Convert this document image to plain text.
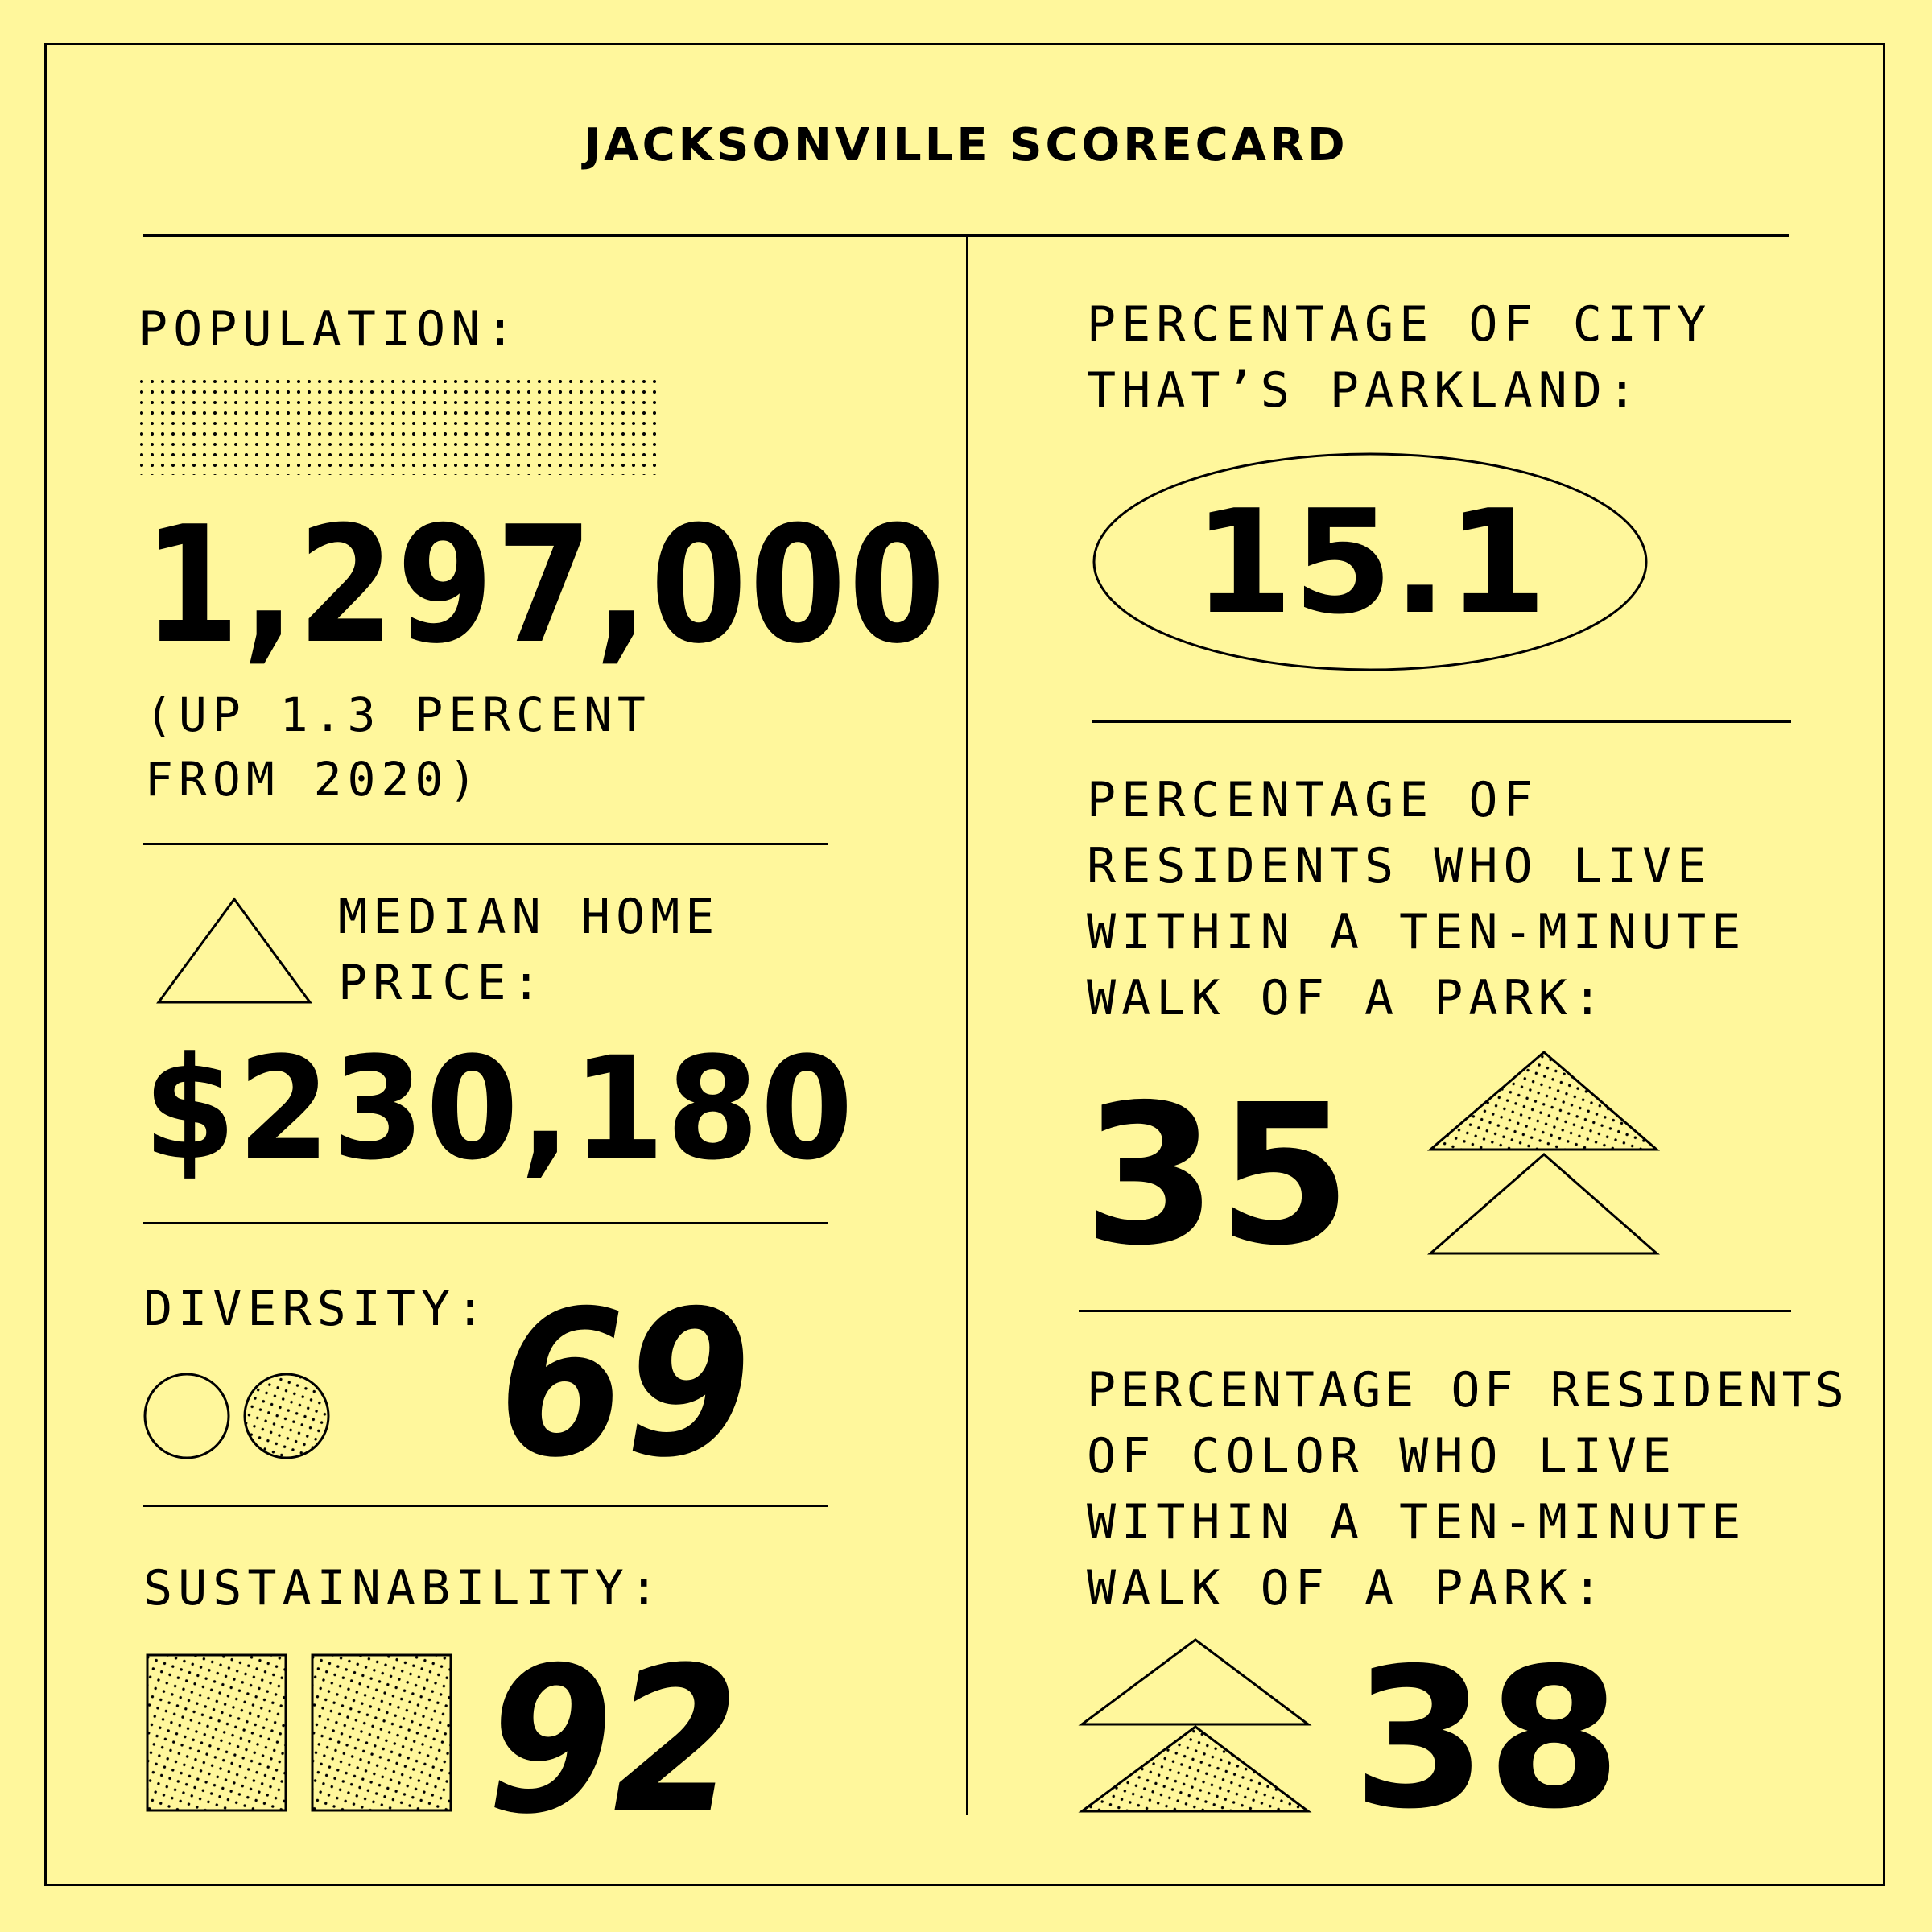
JACKSONVILLE SCORECARD
POPULATION:
1,297,000
(UP 1.3 PERCENT
FROM 2020)
MEDIAN HOME
PRICE:
$230,180
DIVERSITY: 69
SUSTAINABILITY:
92
PERCENTAGE OF CITY
THAT’S PARKLAND:
15.1
PERCENTAGE OF
RESIDENTS WHO LIVE
WITHIN A TEN-MINUTE
WALK OF A PARK:
35
PERCENTAGE OF RESIDENTS
OF COLOR WHO LIVE
WITHIN A TEN-MINUTE
WALK OF A PARK:
38
